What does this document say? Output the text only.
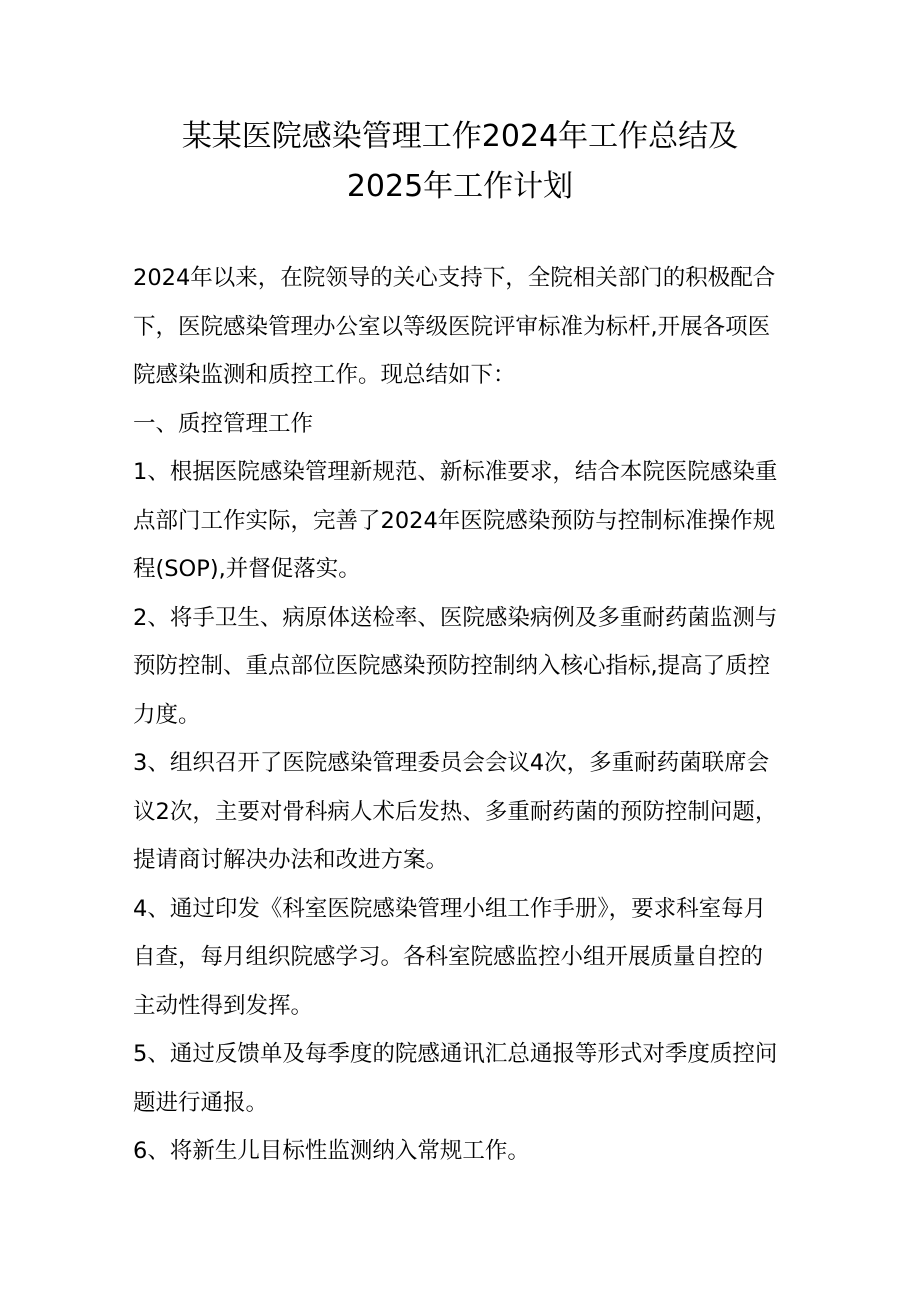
某某医院感染管理工作2024年工作总结及
2025年工作计划

2024年以来，在院领导的关心支持下，全院相关部门的积极配合

下，医院感染管理办公室以等级医院评审标准为标杆,开展各项医

院感染监测和质控工作。现总结如下：

一、质控管理工作

1、根据医院感染管理新规范、新标准要求，结合本院医院感染重

点部门工作实际，完善了2024年医院感染预防与控制标准操作规

程(SOP),并督促落实。

2、将手卫生、病原体送检率、医院感染病例及多重耐药菌监测与

预防控制、重点部位医院感染预防控制纳入核心指标,提高了质控

力度。

3、组织召开了医院感染管理委员会会议4次，多重耐药菌联席会

议2次，主要对骨科病人术后发热、多重耐药菌的预防控制问题，

提请商讨解决办法和改进方案。

4、通过印发《科室医院感染管理小组工作手册》，要求科室每月

自查，每月组织院感学习。各科室院感监控小组开展质量自控的

主动性得到发挥。

5、通过反馈单及每季度的院感通讯汇总通报等形式对季度质控问

题进行通报。

6、将新生儿目标性监测纳入常规工作。
